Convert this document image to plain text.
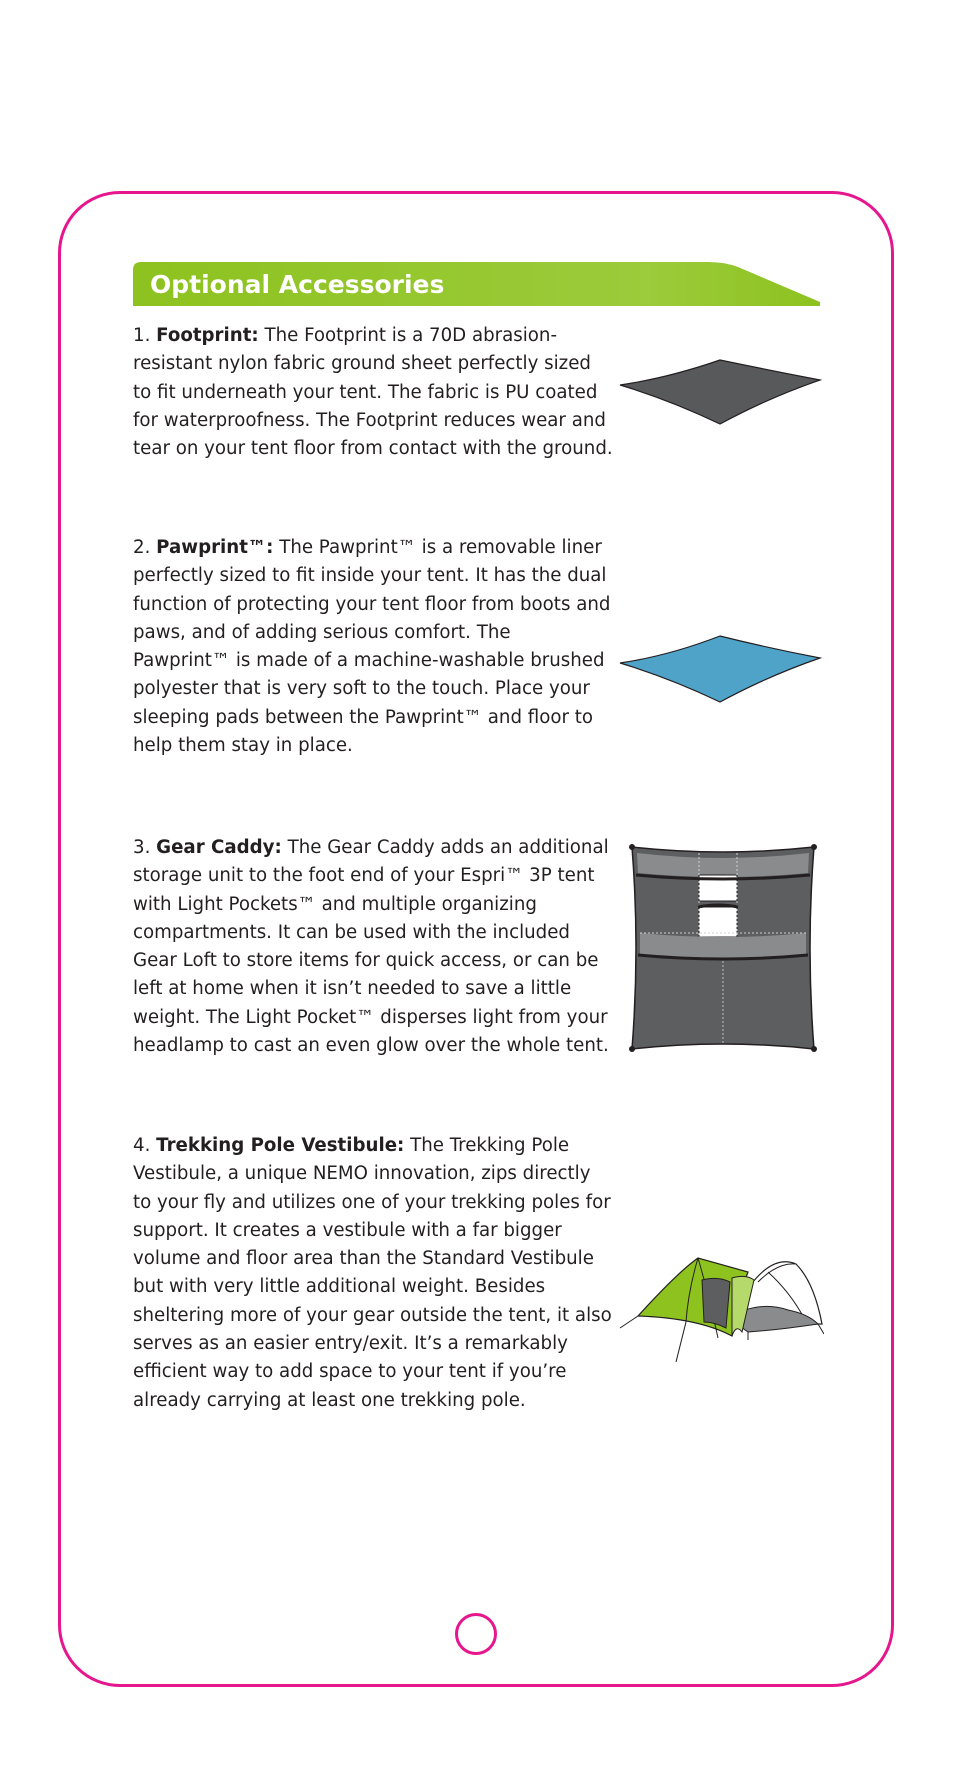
Optional Accessories
1. Footprint: The Footprint is a 70D abrasion-resistant nylon fabric ground sheet perfectly sized to fit underneath your tent. The fabric is PU coated for waterproofness. The Footprint reduces wear and tear on your tent floor from contact with the ground.
2. Pawprint™: The Pawprint™ is a removable liner perfectly sized to fit inside your tent. It has the dual function of protecting your tent floor from boots and paws, and of adding serious comfort. The Pawprint™ is made of a machine-washable brushed polyester that is very soft to the touch. Place your sleeping pads between the Pawprint™ and floor to help them stay in place.
3. Gear Caddy: The Gear Caddy adds an additional storage unit to the foot end of your Espri™ 3P tent with Light Pockets™ and multiple organizing compartments. It can be used with the included Gear Loft to store items for quick access, or can be left at home when it isn’t needed to save a little weight. The Light Pocket™ disperses light from your headlamp to cast an even glow over the whole tent.
4. Trekking Pole Vestibule: The Trekking Pole Vestibule, a unique NEMO innovation, zips directly to your fly and utilizes one of your trekking poles for support. It creates a vestibule with a far bigger volume and floor area than the Standard Vestibule but with very little additional weight. Besides sheltering more of your gear outside the tent, it also serves as an easier entry/exit. It’s a remarkably efficient way to add space to your tent if you’re already carrying at least one trekking pole.
